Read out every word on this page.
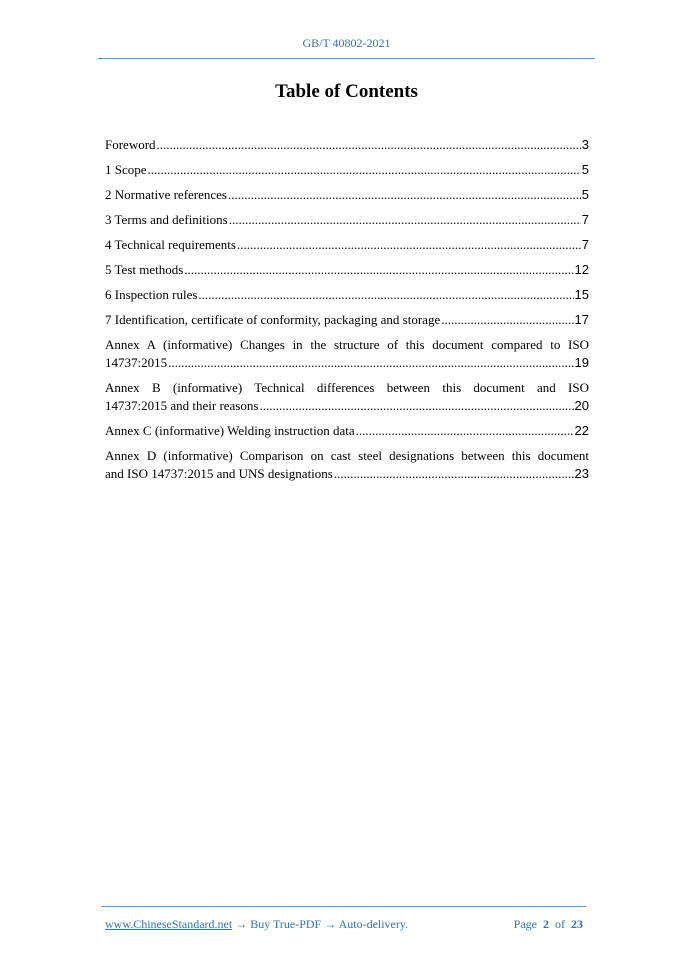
GB/T 40802-2021
Table of Contents
Foreword .....	3
1 Scope .....	5
2 Normative references .....	5
3 Terms and definitions .....	7
4 Technical requirements .....	7
5 Test methods .....	12
6 Inspection rules .....	15
7 Identification, certificate of conformity, packaging and storage .....	17
Annex A (informative) Changes in the structure of this document compared to ISO
14737:2015 .....	19
Annex B (informative) Technical differences between this document and ISO
14737:2015 and their reasons .....	20
Annex C (informative) Welding instruction data .....	22
Annex D (informative) Comparison on cast steel designations between this document
and ISO 14737:2015 and UNS designations .....	23
www.ChineseStandard.net → Buy True-PDF → Auto-delivery.	Page 2 of 23
